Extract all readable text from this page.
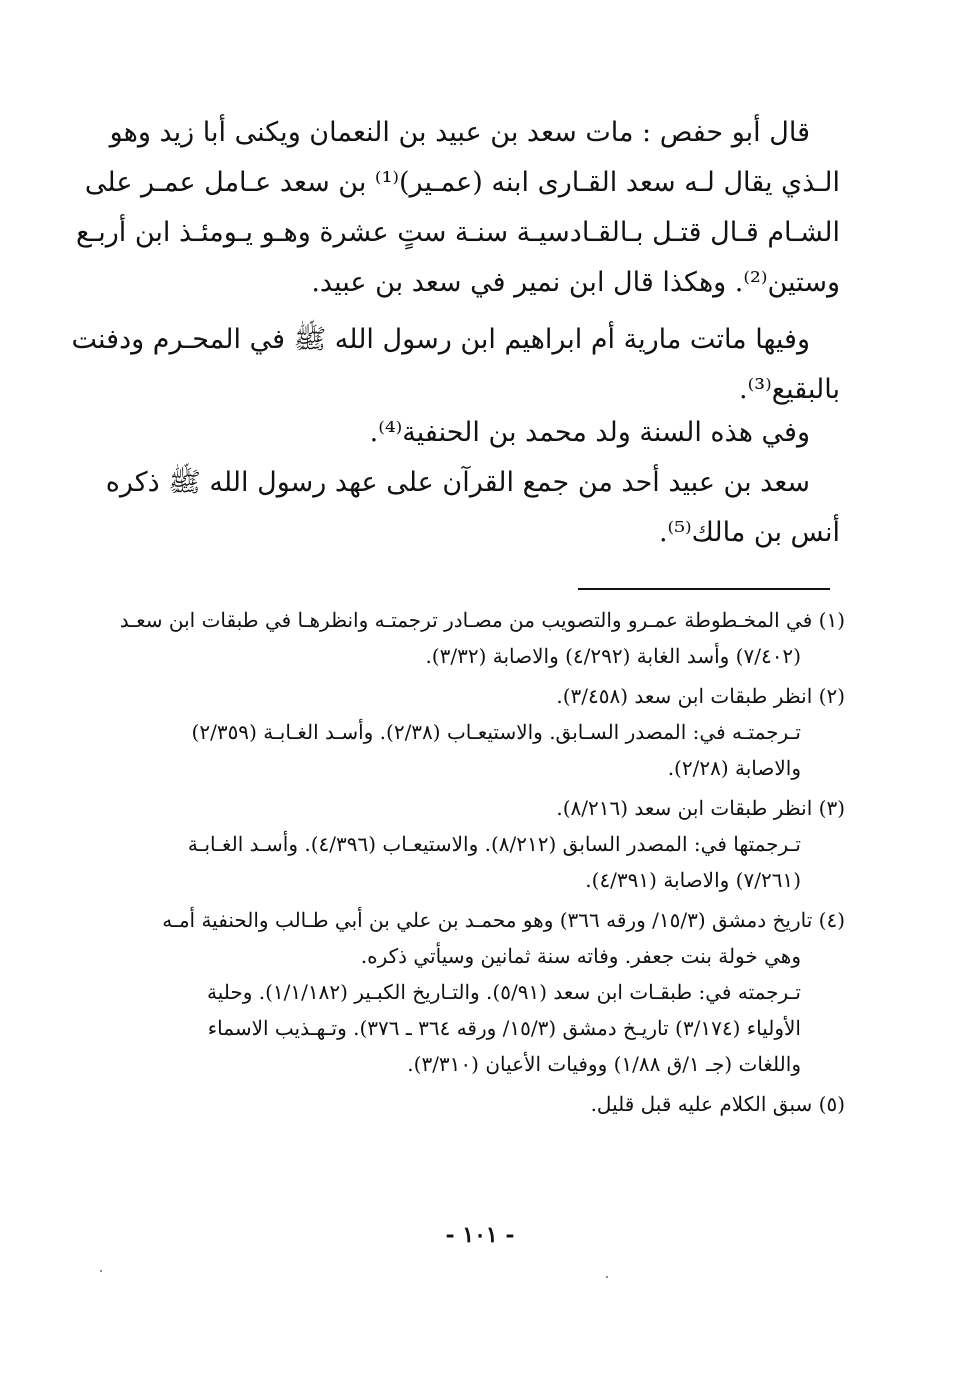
قال أبو حفص : مات سعد بن عبيد بن النعمان ويكنى أبا زيد وهو
الـذي يقال لـه سعد القـارى ابنه (عمـير)⁽¹⁾ بن سعد عـامل عمـر على
الشـام قـال قتـل بـالقـادسيـة سنـة ستٍ عشرة وهـو يـومئـذ ابن أربـع
وستين⁽²⁾. وهكذا قال ابن نمير في سعد بن عبيد.
وفيها ماتت مارية أم ابراهيم ابن رسول الله ﷺ في المحـرم ودفنت
بالبقيع⁽³⁾.
وفي هذه السنة ولد محمد بن الحنفية⁽⁴⁾.
سعد بن عبيد أحد من جمع القرآن على عهد رسول الله ﷺ ذكره
أنس بن مالك⁽⁵⁾.
(١) في المخـطوطة عمـرو والتصويب من مصـادر ترجمتـه وانظرهـا في طبقات ابن سعـد
(٧/٤٠٢) وأسد الغابة (٤/٢٩٢) والاصابة (٣/٣٢).
(٢) انظر طبقات ابن سعد (٣/٤٥٨).
تـرجمتـه في: المصدر السـابق. والاستيعـاب (٢/٣٨). وأسـد الغـابـة (٢/٣٥٩)
والاصابة (٢/٢٨).
(٣) انظر طبقات ابن سعد (٨/٢١٦).
تـرجمتها في: المصدر السابق (٨/٢١٢). والاستيعـاب (٤/٣٩٦). وأسـد الغـابـة
(٧/٢٦١) والاصابة (٤/٣٩١).
(٤) تاريخ دمشق (١٥/٣/ ورقه ٣٦٦) وهو محمـد بن علي بن أبي طـالب والحنفية أمـه
وهي خولة بنت جعفر. وفاته سنة ثمانين وسيأتي ذكره.
تـرجمته في: طبقـات ابن سعد (٥/٩١). والتـاريخ الكبـير (١/١/١٨٢). وحلية
الأولياء (٣/١٧٤) تاريـخ دمشق (١٥/٣/ ورقه ٣٦٤ ـ ٣٧٦). وتـهـذيب الاسماء
واللغات (جـ ١/ق ١/٨٨) ووفيات الأعيان (٣/٣١٠).
(٥) سبق الكلام عليه قبل قليل.
- ١٠١ -
